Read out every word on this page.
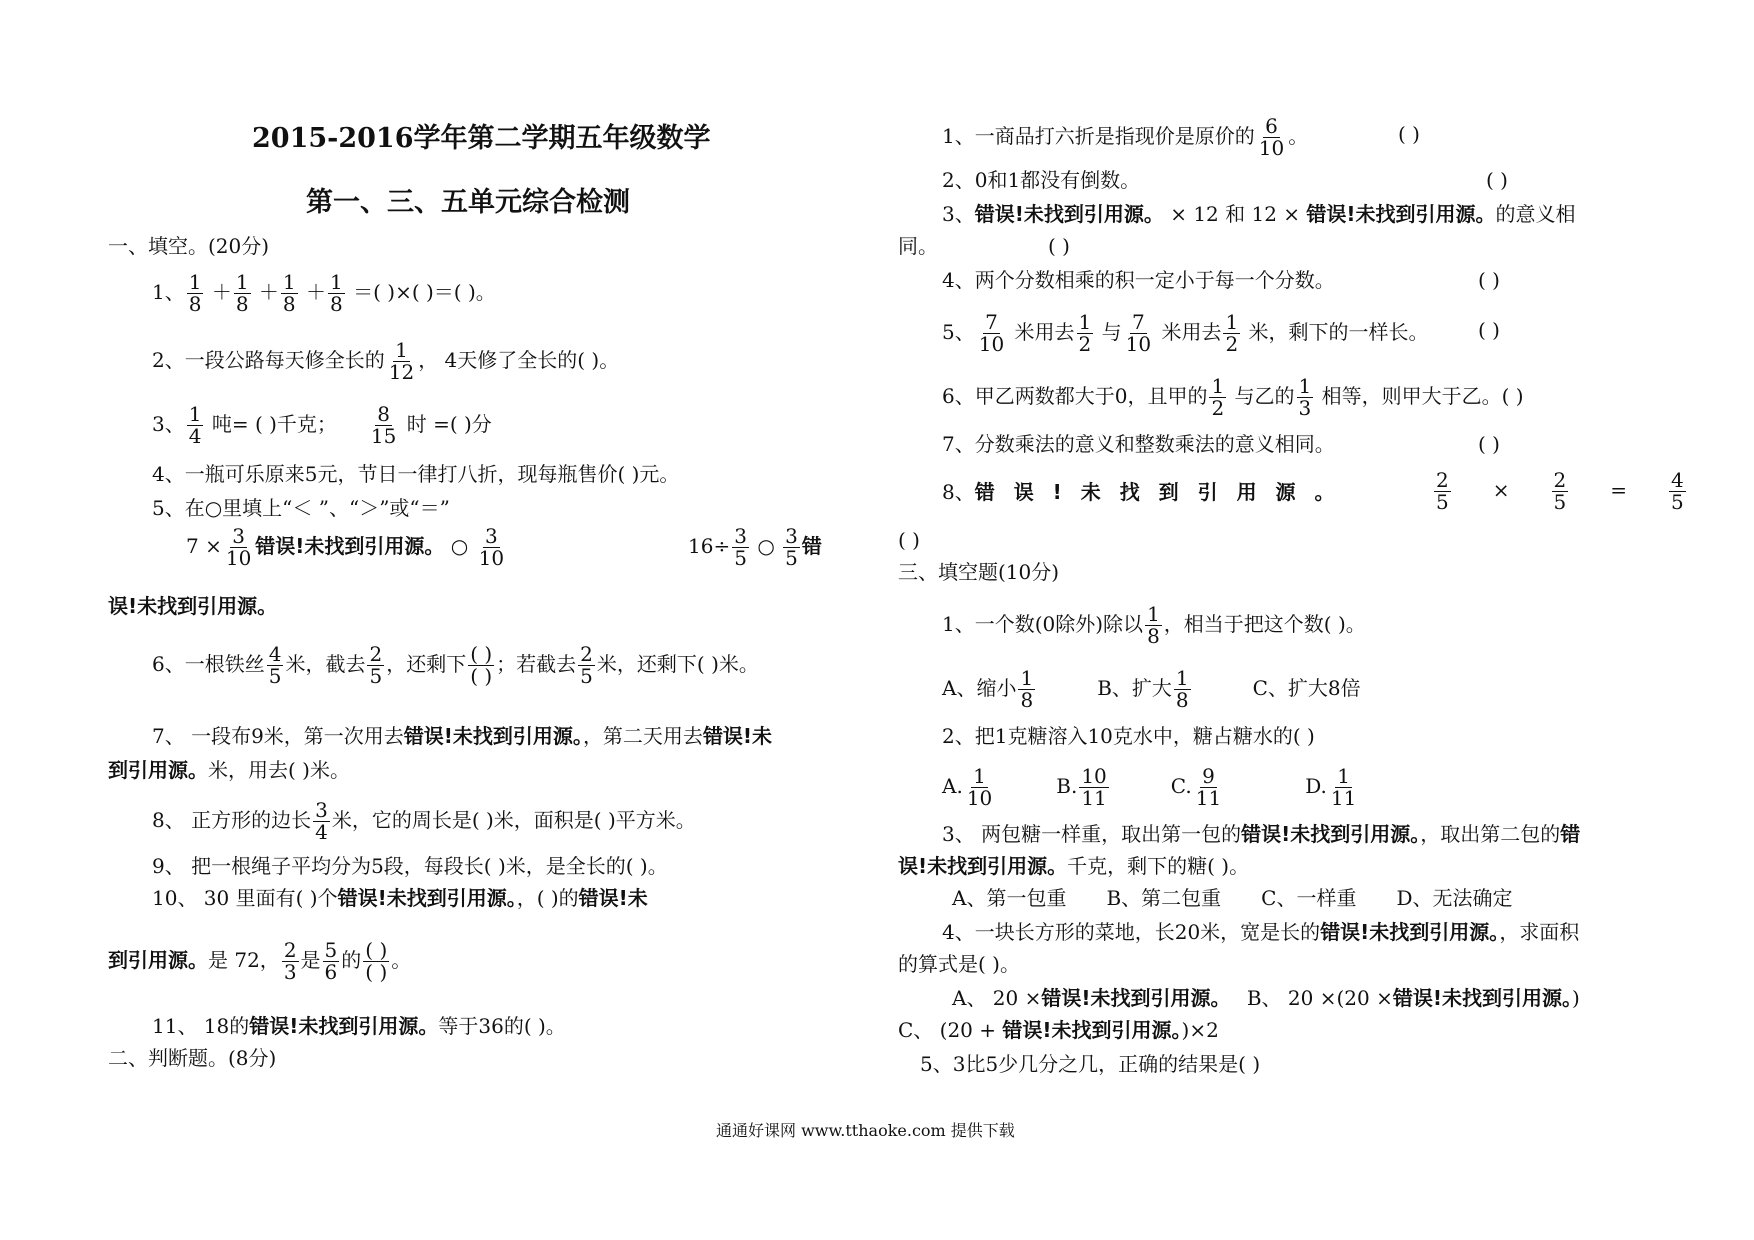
2015-2016学年第二学期五年级数学
第一、三、五单元综合检测
一、填空。(20分)
1、 $\frac{1}{8} + \frac{1}{8} + \frac{1}{8} + \frac{1}{8}$ ＝( )×( )＝( )。
2、一段公路每天修全长的 $\frac{1}{12}$ ， 4天修了全长的( )。
3、 $\frac{1}{4}$ 吨= ( )千克；　　 $\frac{8}{15}$ 时 =( )分
4、一瓶可乐原来5元，节日一律打八折，现每瓶售价( )元。
5、在○里填上“＜ ”、“＞”或“＝”
$7 \times \frac{3}{10}$ 错误!未找到引用源。 ○ $\frac{3}{10}$	$16\div \frac{3}{5}$ ○ $\frac{3}{5}$ 错
误!未找到引用源。
6、一根铁丝 $\frac{4}{5}$ 米，截去 $\frac{2}{5}$ ，还剩下 ( )
( ) ；若截去 $\frac{2}{5}$ 米，还剩下( )米。
7、 一段布9米，第一次用去错误!未找到引用源。，第二天用去错误!未
到引用源。米，用去( )米。
8、 正方形的边长 $\frac{3}{4}$ 米，它的周长是( )米，面积是( )平方米。
9、 把一根绳子平均分为5段，每段长( )米，是全长的( )。
10、 30 里面有( )个错误!未找到引用源。，( )的错误!未
到引用源。是 72， $\frac{2}{3}$ 是 $\frac{5}{6}$ 的 ( )
( ) 。
11、 18的错误!未找到引用源。等于36的( )。
二、判断题。(8分)
1、一商品打六折是指现价是原价的 $\frac{6}{10}$ 。	( )
2、0和1都没有倒数。	( )
3、错误!未找到引用源。 × 12 和 12 × 错误!未找到引用源。的意义相
同。　　　　　　	( )
4、两个分数相乘的积一定小于每一个分数。	( )
5、 $\frac{7}{10}$ 米用去 $\frac{1}{2}$ 与 $\frac{7}{10}$ 米用去 $\frac{1}{2}$ 米，剩下的一样长。 ( )
6、甲乙两数都大于0，且甲的 $\frac{1}{2}$ 与乙的 $\frac{1}{3}$ 相等，则甲大于乙。( )
7、分数乘法的意义和整数乘法的意义相同。	( )
8、错 误 ! 未 找 到 引 用 源 。	$\frac{2}{5}$
　　 ×　　 $\frac{2}{5}$
　　 =　　 $\frac{4}{5}$
( )
三、填空题(10分)
1、一个数(0除外)除以 $\frac{1}{8}$ ，相当于把这个数( )。
A、缩小 $\frac{1}{8}$
　　　	B、扩大 $\frac{1}{8}$
　　　	C、扩大8倍
2、把1克糖溶入10克水中，糖占糖水的( )
A. $\frac{1}{10}$
　　　	B. $\frac{10}{11}$
　　　	C. $\frac{9}{11}$
　　　　	D. $\frac{1}{11}$
3、 两包糖一样重，取出第一包的错误!未找到引用源。，取出第二包的错
误!未找到引用源。千克，剩下的糖( )。
A、第一包重　　B、第二包重　　C、一样重　　D、无法确定
4、一块长方形的菜地，长20米，宽是长的错误!未找到引用源。，求面积
的算式是( )。
A、 20 ×错误!未找到引用源。　 B、 20 ×(20 ×错误!未找到引用源。)
C、 (20 + 错误!未找到引用源。)×2
5、3比5少几分之几，正确的结果是( )
通通好课网 www.tthaoke.com 提供下载
